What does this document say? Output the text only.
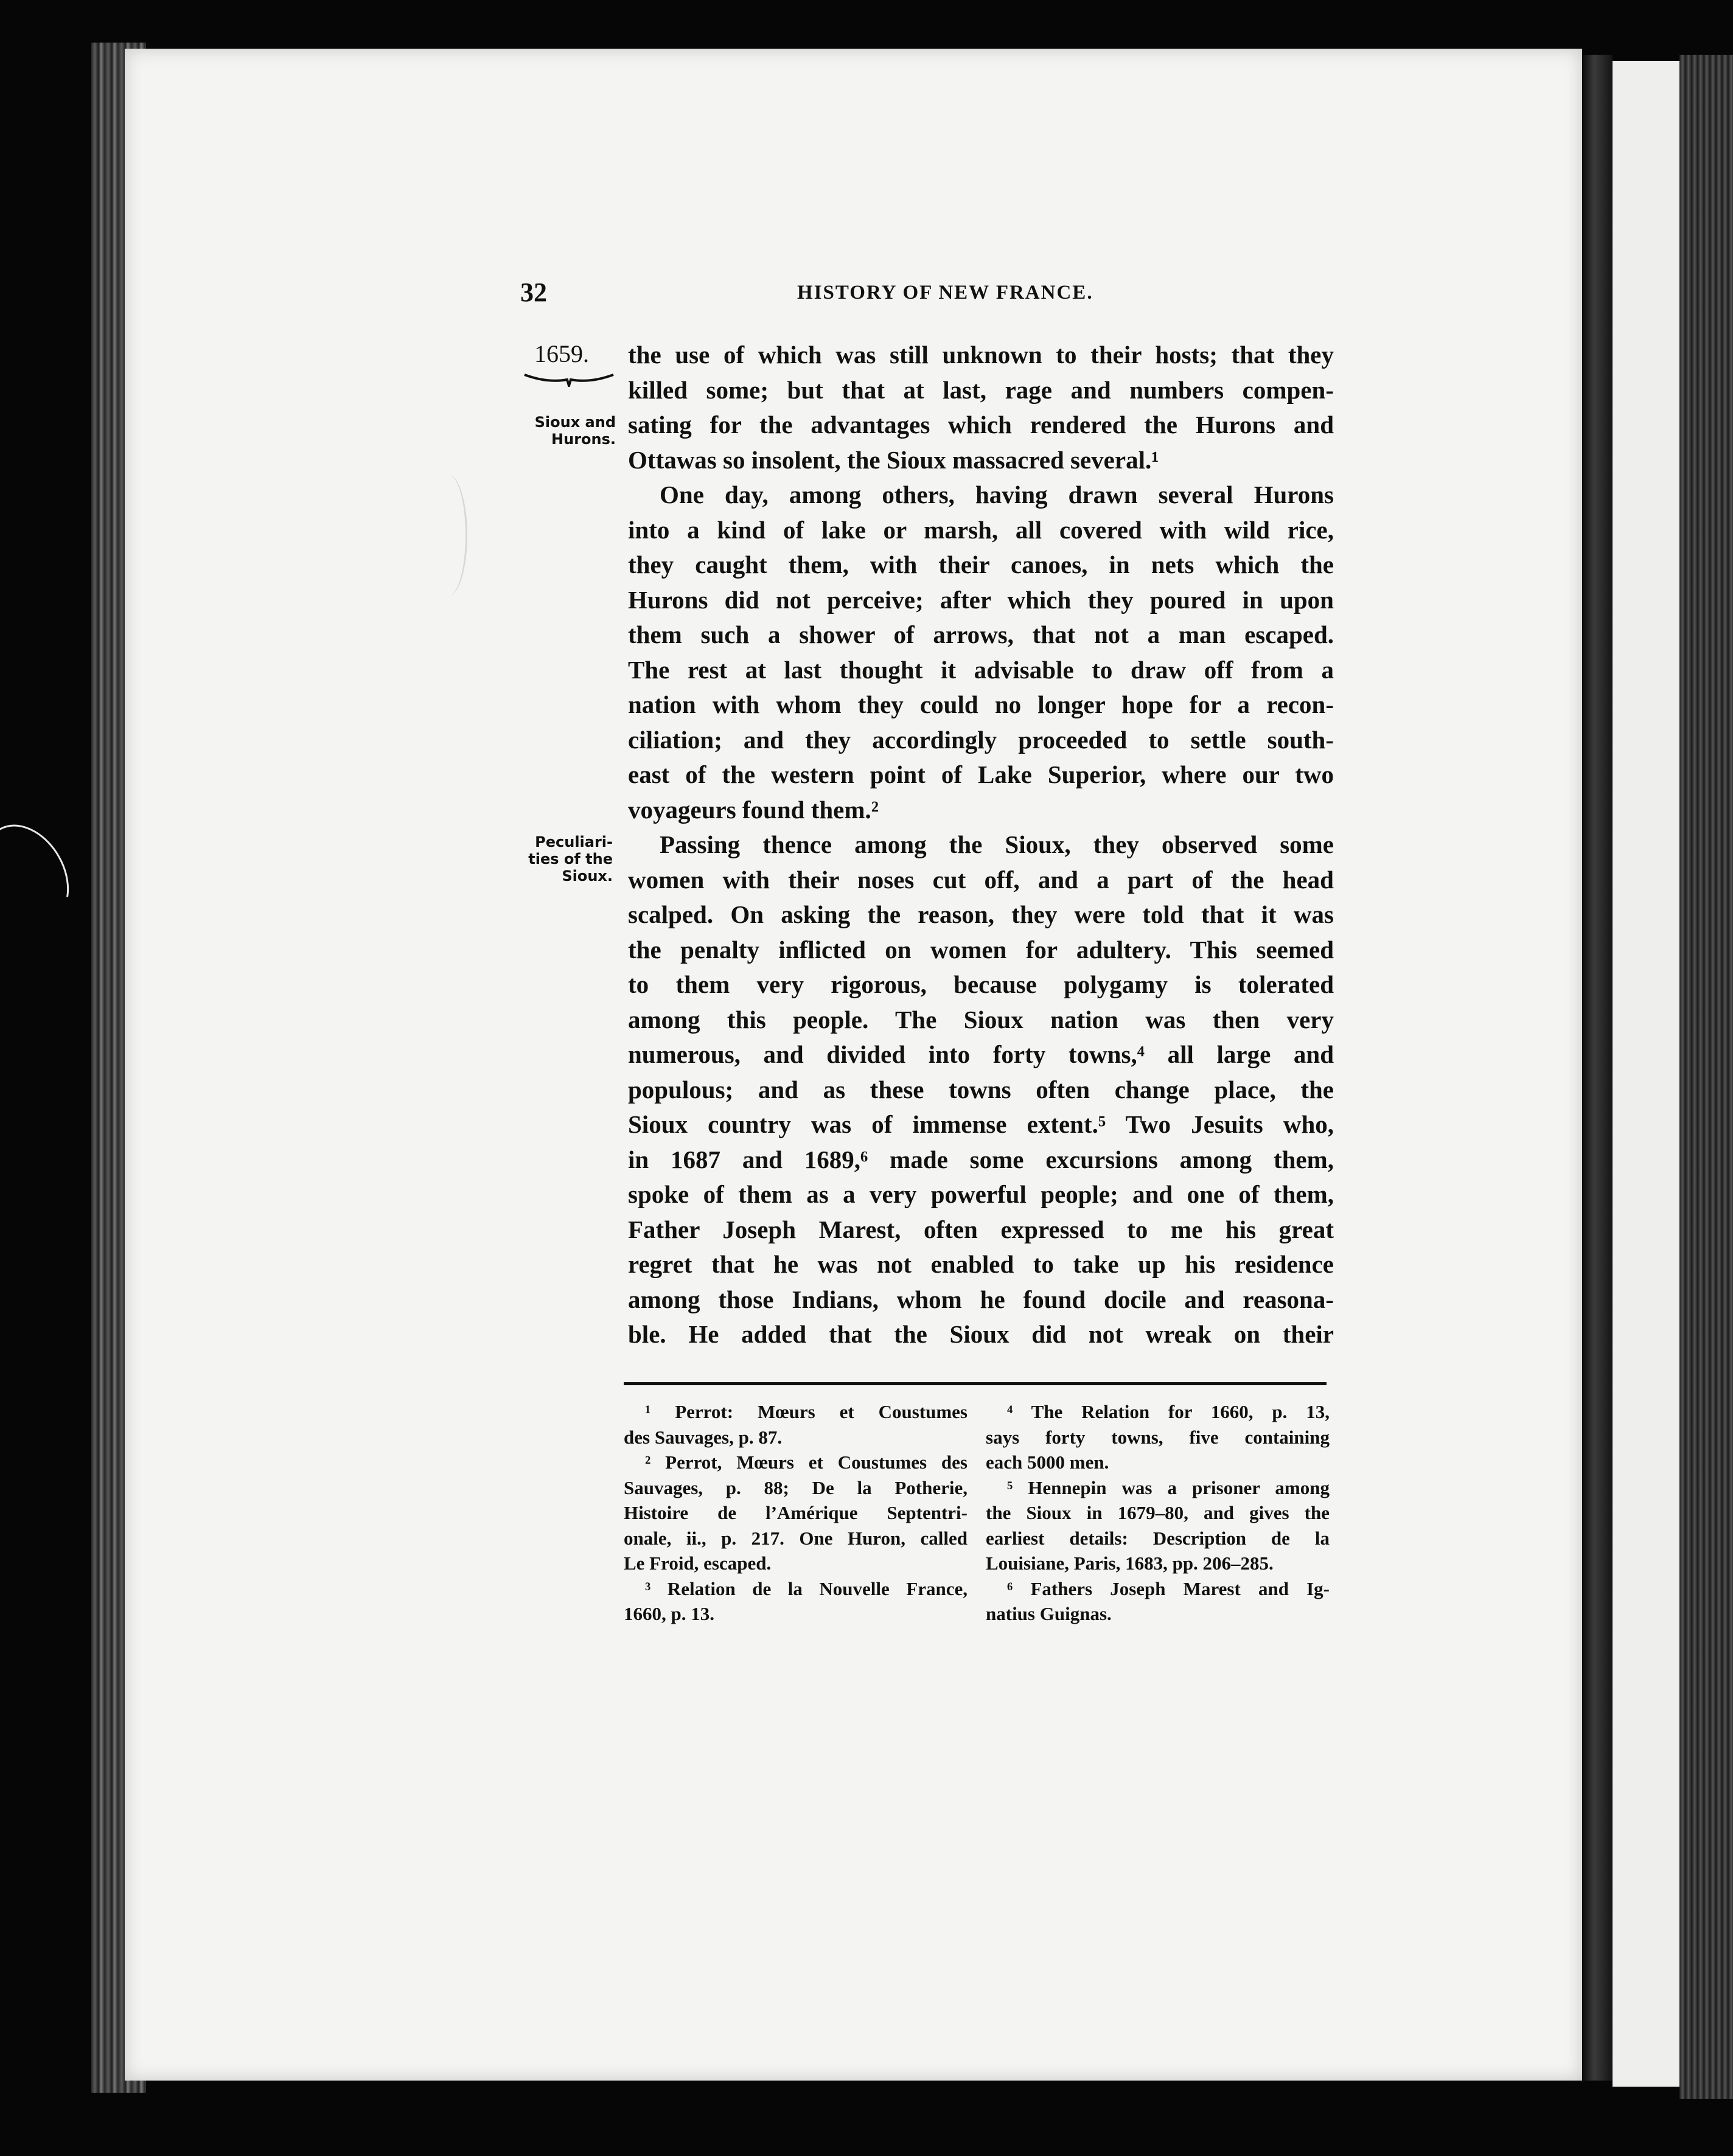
32	HISTORY OF NEW FRANCE.
1659.
Sioux and
Hurons.
Peculiari-
ties of the
Sioux.
the use of which was still unknown to their hosts; that they
killed some; but that at last, rage and numbers compen-
sating for the advantages which rendered the Hurons and
Ottawas so insolent, the Sioux massacred several.¹
One day, among others, having drawn several Hurons
into a kind of lake or marsh, all covered with wild rice,
they caught them, with their canoes, in nets which the
Hurons did not perceive; after which they poured in upon
them such a shower of arrows, that not a man escaped.
The rest at last thought it advisable to draw off from a
nation with whom they could no longer hope for a recon-
ciliation; and they accordingly proceeded to settle south-
east of the western point of Lake Superior, where our two
voyageurs found them.²
Passing thence among the Sioux, they observed some
women with their noses cut off, and a part of the head
scalped. On asking the reason, they were told that it was
the penalty inflicted on women for adultery. This seemed
to them very rigorous, because polygamy is tolerated
among this people. The Sioux nation was then very
numerous, and divided into forty towns,⁴ all large and
populous; and as these towns often change place, the
Sioux country was of immense extent.⁵ Two Jesuits who,
in 1687 and 1689,⁶ made some excursions among them,
spoke of them as a very powerful people; and one of them,
Father Joseph Marest, often expressed to me his great
regret that he was not enabled to take up his residence
among those Indians, whom he found docile and reasona-
ble. He added that the Sioux did not wreak on their
¹ Perrot: Mœurs et Coustumes
des Sauvages, p. 87.
² Perrot, Mœurs et Coustumes des
Sauvages, p. 88; De la Potherie,
Histoire de l’Amérique Septentri-
onale, ii., p. 217. One Huron, called
Le Froid, escaped.
³ Relation de la Nouvelle France,
1660, p. 13.
⁴ The Relation for 1660, p. 13,
says forty towns, five containing
each 5000 men.
⁵ Hennepin was a prisoner among
the Sioux in 1679–80, and gives the
earliest details: Description de la
Louisiane, Paris, 1683, pp. 206–285.
⁶ Fathers Joseph Marest and Ig-
natius Guignas.
